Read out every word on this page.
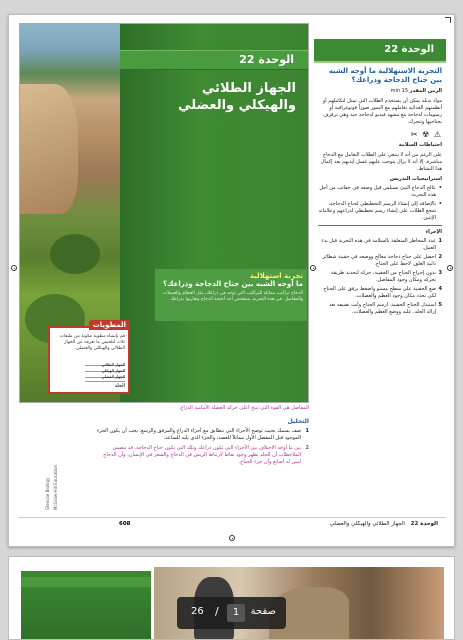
الوحدة 22
الجهاز الطلائي
والهيكلي والعضلي
تجربة استهلالية
ما أوجه الشبه بين جناح الدجاجة وذراعك؟
الدجاج تراكيب مماثلة للتراكيب التي توجد في ذراعك، مثل العظام والعضلات والمفاصل. في هذه التجربة، ستفحص أحد أجنحة الدجاج وتقارنها بذراعك.
المطويات
قم بإنشاء مطوية مكونة من طبقات ثلاث لتلخيص ما تعرفه عن الجهاز الطلائي والهيكلي والعضلي.
الجهاز الطلائي
الجهاز الهيكلي
الجهاز العضلي
الجلد
الوحدة 22
التجربة الاستهلالية ما أوجه الشبه بين جناح الدجاجة وذراعك؟
الزمن المقدر 15 min
مواد بديلة يمكن أن يستخدم الطلاب التي تمثل لتكاملهم أو أنظمتهم الغذائية تعاملهم مع النمور صوراً فوتوغرافية أو رسومات لدجاجة مع مشهد فيديو لدجاجة حية وهي ترفرف بجناحيها وتتحرك.
⚠ ☢ ✂
احتياطات السلامة
على الرغم من أنه لا ينبغي على الطلاب التعامل مع الدجاج مباشرة، إلا أنه لا يزال يتوجب عليهم غسل أيديهم بعد إكمال هذا النشاط.
استراتيجيات التدريس
•
عالج الدجاج النيئ بسيلس قبل وضعه في حقائب من أجل هذه التجربة.
•
بالإضافة إلى إنشاء الرسم التخطيطي لجناح الدجاجة، شجع الطلاب على إنشاء رسم تخطيطي لذراعهم وعلاماته الإثنين.
الإجراء
1
عدد المخاطر المتعلقة بالسلامة في هذه التجربة قبل بدء العمل.
2
احصل على جناح دجاجة معالج ووضعه في حقيبة شطائر ذاتية الغلق. لاحظ على الجناح.
3
بدون إخراج الجناح من الحقيبة، حركه لتحديد طريقة تحركه ومكان وجود المفاصل.
4
ضع الحقيبة على سطح مستو واضغط برفق على الجناح لكي تحدد مكان وجود العظم والعضلات.
5
استبدل الجناح الحقيبة. ارسم الجناح وأنت تضيفه بعد إزالة الجلد. عليه ووضع العظم والعضلات.
Glencoe Biology McGraw-Hill Education
المفاصل هي القوة التي تنتج أعلى حركة العضلة الأمامية الذراع.
التحليل
1
صف بسمك بحيث توضح الأجزاء التي تتطابق مع أجزاء الذراع والمرفق والرسغ. يجب أن يكون الجزء الموجود قبل المفصل الأول مماثلاً للعضد، والجزء الذي يليه للساعد.
2
بين ما أوجه الاختلاف بين الأجزاء التي تكون ذراعك وتلك التي تكون جناح الدجاجة. قد تتضمن الملاحظات أن الجلد يظهر وجود نقاط لارتباط الريش في الدجاج والشعر في الإنسان، وأن الدجاج ليس له أصابع وأن جزء الجناح.
الوحدة 22 الجهاز الطلائي والهيكلي والعضلي
608
صفحة
1
/
26
